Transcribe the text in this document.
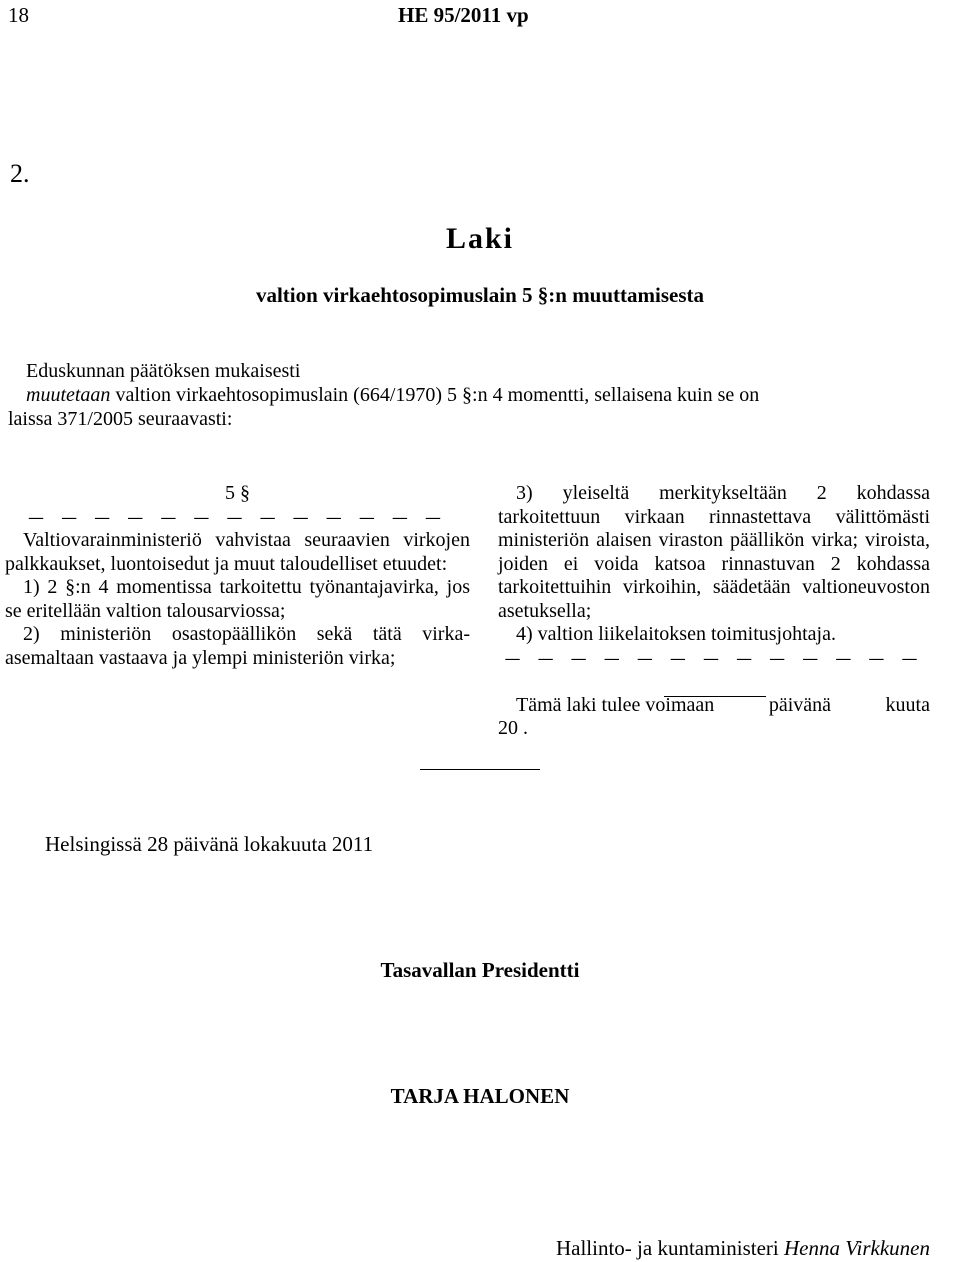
18	HE 95/2011 vp
2.
Laki
valtion virkaehtosopimuslain 5 §:n muuttamisesta

Eduskunnan päätöksen mukaisesti

muutetaan valtion virkaehtosopimuslain (664/1970) 5 §:n 4 momentti, sellaisena kuin se on

laissa 371/2005 seuraavasti:

5 §

— — — — — — — — — — — — —

Valtiovarainministeriö vahvistaa seuraavien virkojen palkkaukset, luontoisedut ja muut taloudelliset etuudet:

1) 2 §:n 4 momentissa tarkoitettu työnantajavirka, jos se eritellään valtion talousarviossa;

2) ministeriön osastopäällikön sekä tätä virka-asemaltaan vastaava ja ylempi ministeriön virka;

3) yleiseltä merkitykseltään 2 kohdassa tarkoitettuun virkaan rinnastettava välittömästi ministeriön alaisen viraston päällikön virka; viroista, joiden ei voida katsoa rinnastuvan 2 kohdassa tarkoitettuihin virkoihin, säädetään valtioneuvoston asetuksella;

4) valtion liikelaitoksen toimitusjohtaja.

— — — — — — — — — — — — —

Tämä laki tulee voimaan	päivänä	kuuta

20 .

Helsingissä 28 päivänä lokakuuta 2011
Tasavallan Presidentti
TARJA HALONEN
Hallinto- ja kuntaministeri Henna Virkkunen
